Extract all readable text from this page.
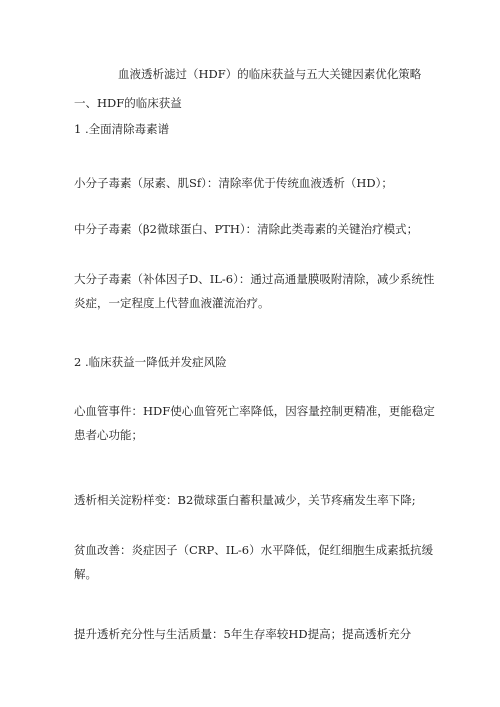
血液透析滤过（HDF）的临床获益与五大关键因素优化策略
一、HDF的临床获益
1 .全面清除毒素谱
小分子毒素（尿素、肌Sf）：清除率优于传统血液透析（HD）；
中分子毒素（β2微球蛋白、PTH）：清除此类毒素的关键治疗模式；
大分子毒素（补体因子D、IL-6）：通过高通量膜吸附清除，减少系统性炎症，一定程度上代替血液灌流治疗。
2 .临床获益一降低并发症风险
心血管事件：HDF使心血管死亡率降低，因容量控制更精准，更能稳定患者心功能；
透析相关淀粉样变：B2微球蛋白蓄积量减少，关节疼痛发生率下降;
贫血改善：炎症因子（CRP、IL-6）水平降低，促红细胞生成素抵抗缓解。
提升透析充分性与生活质量：5年生存率较HD提高；提高透析充分
